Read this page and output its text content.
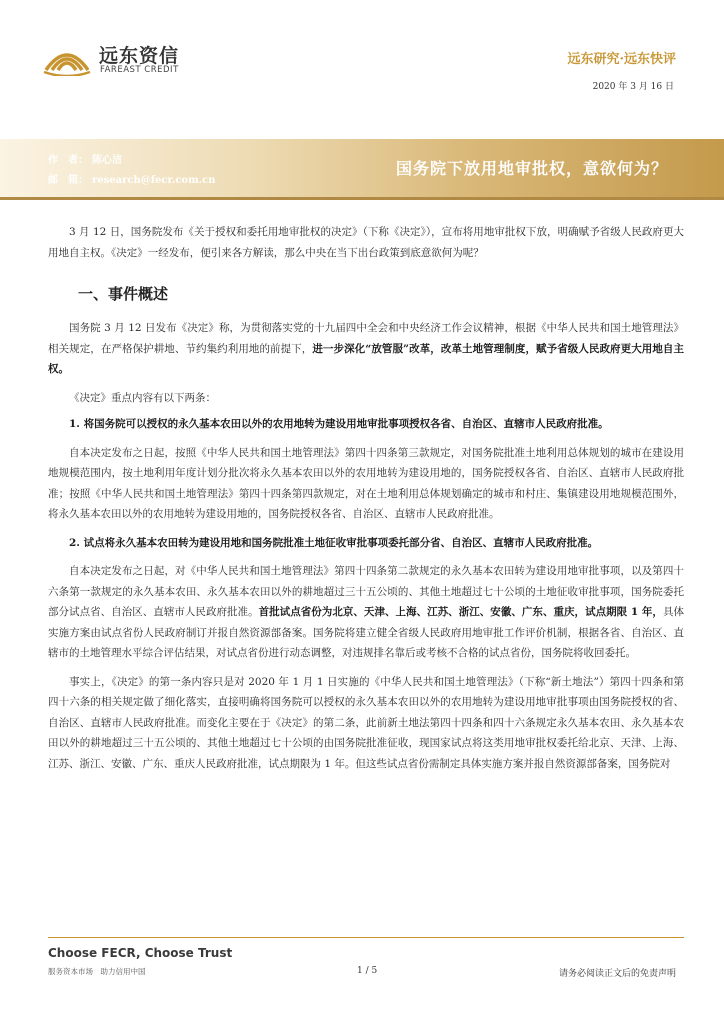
远东资信
FAREAST CREDIT
远东研究·远东快评
2020 年 3 月 16 日
作　者： 陈心洁
邮　箱： research@fecr.com.cn
国务院下放用地审批权，意欲何为？

3 月 12 日，国务院发布《关于授权和委托用地审批权的决定》（下称《决定》），宣布将用地审批权下放，明确赋予省级人民政府更大用地自主权。《决定》一经发布，便引来各方解读，那么中央在当下出台政策到底意欲何为呢？

一、事件概述

国务院 3 月 12 日发布《决定》称，为贯彻落实党的十九届四中全会和中央经济工作会议精神，根据《中华人民共和国土地管理法》相关规定，在严格保护耕地、节约集约利用地的前提下，进一步深化“放管服”改革，改革土地管理制度，赋予省级人民政府更大用地自主权。

《决定》重点内容有以下两条：

1. 将国务院可以授权的永久基本农田以外的农用地转为建设用地审批事项授权各省、自治区、直辖市人民政府批准。

自本决定发布之日起，按照《中华人民共和国土地管理法》第四十四条第三款规定，对国务院批准土地利用总体规划的城市在建设用地规模范围内，按土地利用年度计划分批次将永久基本农田以外的农用地转为建设用地的，国务院授权各省、自治区、直辖市人民政府批准；按照《中华人民共和国土地管理法》第四十四条第四款规定，对在土地利用总体规划确定的城市和村庄、集镇建设用地规模范围外，将永久基本农田以外的农用地转为建设用地的，国务院授权各省、自治区、直辖市人民政府批准。

2. 试点将永久基本农田转为建设用地和国务院批准土地征收审批事项委托部分省、自治区、直辖市人民政府批准。

自本决定发布之日起，对《中华人民共和国土地管理法》第四十四条第二款规定的永久基本农田转为建设用地审批事项，以及第四十六条第一款规定的永久基本农田、永久基本农田以外的耕地超过三十五公顷的、其他土地超过七十公顷的土地征收审批事项，国务院委托部分试点省、自治区、直辖市人民政府批准。首批试点省份为北京、天津、上海、江苏、浙江、安徽、广东、重庆，试点期限 1 年，具体实施方案由试点省份人民政府制订并报自然资源部备案。国务院将建立健全省级人民政府用地审批工作评价机制，根据各省、自治区、直辖市的土地管理水平综合评估结果，对试点省份进行动态调整，对违规排名靠后或考核不合格的试点省份，国务院将收回委托。

事实上，《决定》的第一条内容只是对 2020 年 1 月 1 日实施的《中华人民共和国土地管理法》（下称“新土地法”）第四十四条和第四十六条的相关规定做了细化落实，直接明确将国务院可以授权的永久基本农田以外的农用地转为建设用地审批事项由国务院授权的省、自治区、直辖市人民政府批准。而变化主要在于《决定》的第二条，此前新土地法第四十四条和四十六条规定永久基本农田、永久基本农田以外的耕地超过三十五公顷的、其他土地超过七十公顷的由国务院批准征收，现国家试点将这类用地审批权委托给北京、天津、上海、江苏、浙江、安徽、广东、重庆人民政府批准，试点期限为 1 年。但这些试点省份需制定具体实施方案并报自然资源部备案，国务院对

Choose FECR, Choose Trust
服务资本市场　助力信用中国	1 / 5	请务必阅读正文后的免责声明
